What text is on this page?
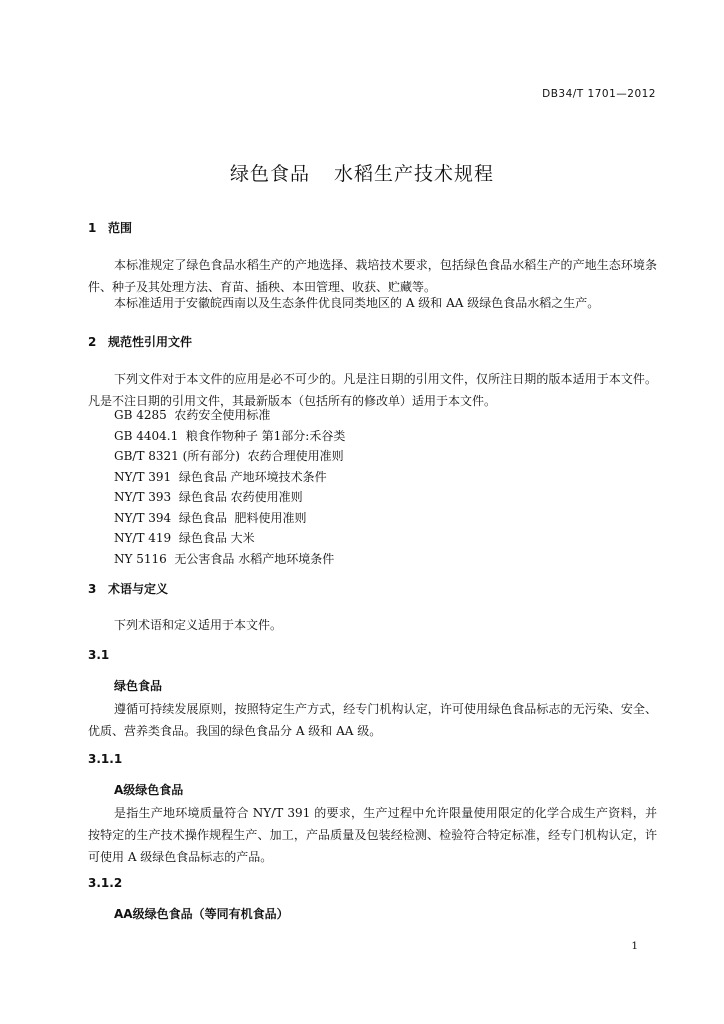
DB34/T 1701—2012
绿色食品 水稻生产技术规程
1 范围
本标准规定了绿色食品水稻生产的产地选择、栽培技术要求，包括绿色食品水稻生产的产地生态环境条件、种子及其处理方法、育苗、插秧、本田管理、收获、贮藏等。
本标准适用于安徽皖西南以及生态条件优良同类地区的 A 级和 AA 级绿色食品水稻之生产。
2 规范性引用文件
下列文件对于本文件的应用是必不可少的。凡是注日期的引用文件，仅所注日期的版本适用于本文件。凡是不注日期的引用文件，其最新版本（包括所有的修改单）适用于本文件。
GB 4285  农药安全使用标准
GB 4404.1  粮食作物种子 第1部分:禾谷类
GB/T 8321 (所有部分)  农药合理使用准则
NY/T 391  绿色食品 产地环境技术条件
NY/T 393  绿色食品 农药使用准则
NY/T 394  绿色食品  肥料使用准则
NY/T 419  绿色食品 大米
NY 5116  无公害食品 水稻产地环境条件
3 术语与定义
下列术语和定义适用于本文件。
3.1
绿色食品
遵循可持续发展原则，按照特定生产方式，经专门机构认定，许可使用绿色食品标志的无污染、安全、优质、营养类食品。我国的绿色食品分 A 级和 AA 级。
3.1.1
A级绿色食品
是指生产地环境质量符合 NY/T 391 的要求，生产过程中允许限量使用限定的化学合成生产资料，并按特定的生产技术操作规程生产、加工，产品质量及包装经检测、检验符合特定标准，经专门机构认定，许可使用 A 级绿色食品标志的产品。
3.1.2
AA级绿色食品（等同有机食品）
1
